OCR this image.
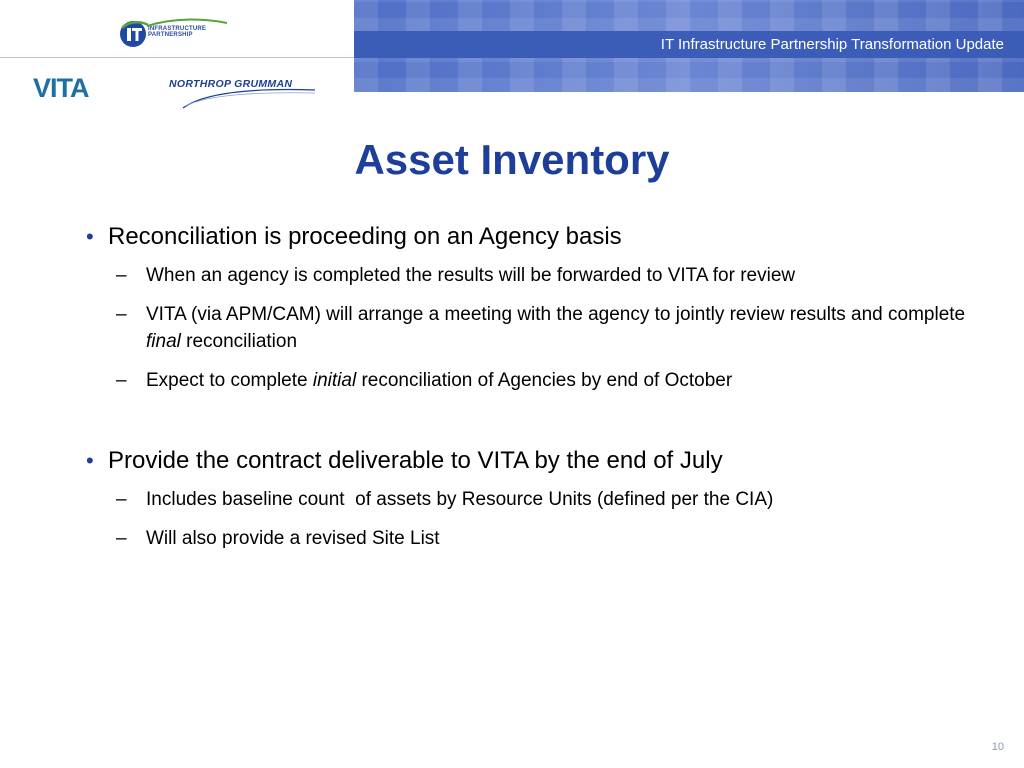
INFRASTRUCTURE
PARTNERSHIP
VITA	NORTHROP GRUMMAN
IT Infrastructure Partnership Transformation Update
Asset Inventory
• Reconciliation is proceeding on an Agency basis
– When an agency is completed the results will be forwarded to VITA for review
– VITA (via APM/CAM) will arrange a meeting with the agency to jointly review results and complete final reconciliation
– Expect to complete initial reconciliation of Agencies by end of October
• Provide the contract deliverable to VITA by the end of July
– Includes baseline count  of assets by Resource Units (defined per the CIA)
– Will also provide a revised Site List
10
